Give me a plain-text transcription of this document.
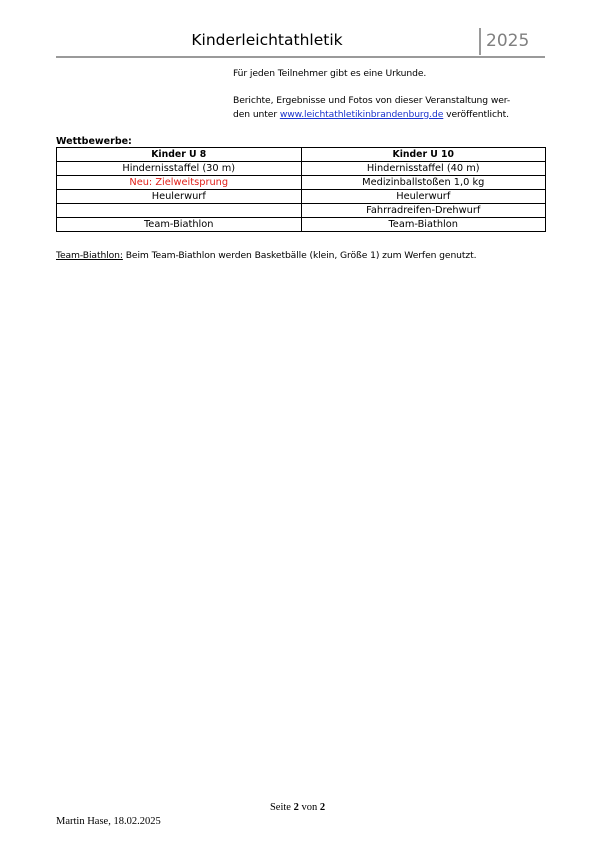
Kinderleichtathletik	2025
Für jeden Teilnehmer gibt es eine Urkunde.
Berichte, Ergebnisse und Fotos von dieser Veranstaltung wer-
den unter www.leichtathletikinbrandenburg.de veröffentlicht.
Wettbewerbe:
Kinder U 8	Kinder U 10
Hindernisstaffel (30 m)	Hindernisstaffel (40 m)
Neu: Zielweitsprung	Medizinballstoßen 1,0 kg
Heulerwurf	Heulerwurf
	Fahrradreifen-Drehwurf
Team-Biathlon	Team-Biathlon
Team-Biathlon: Beim Team-Biathlon werden Basketbälle (klein, Größe 1) zum Werfen genutzt.
Seite 2 von 2
Martin Hase, 18.02.2025
